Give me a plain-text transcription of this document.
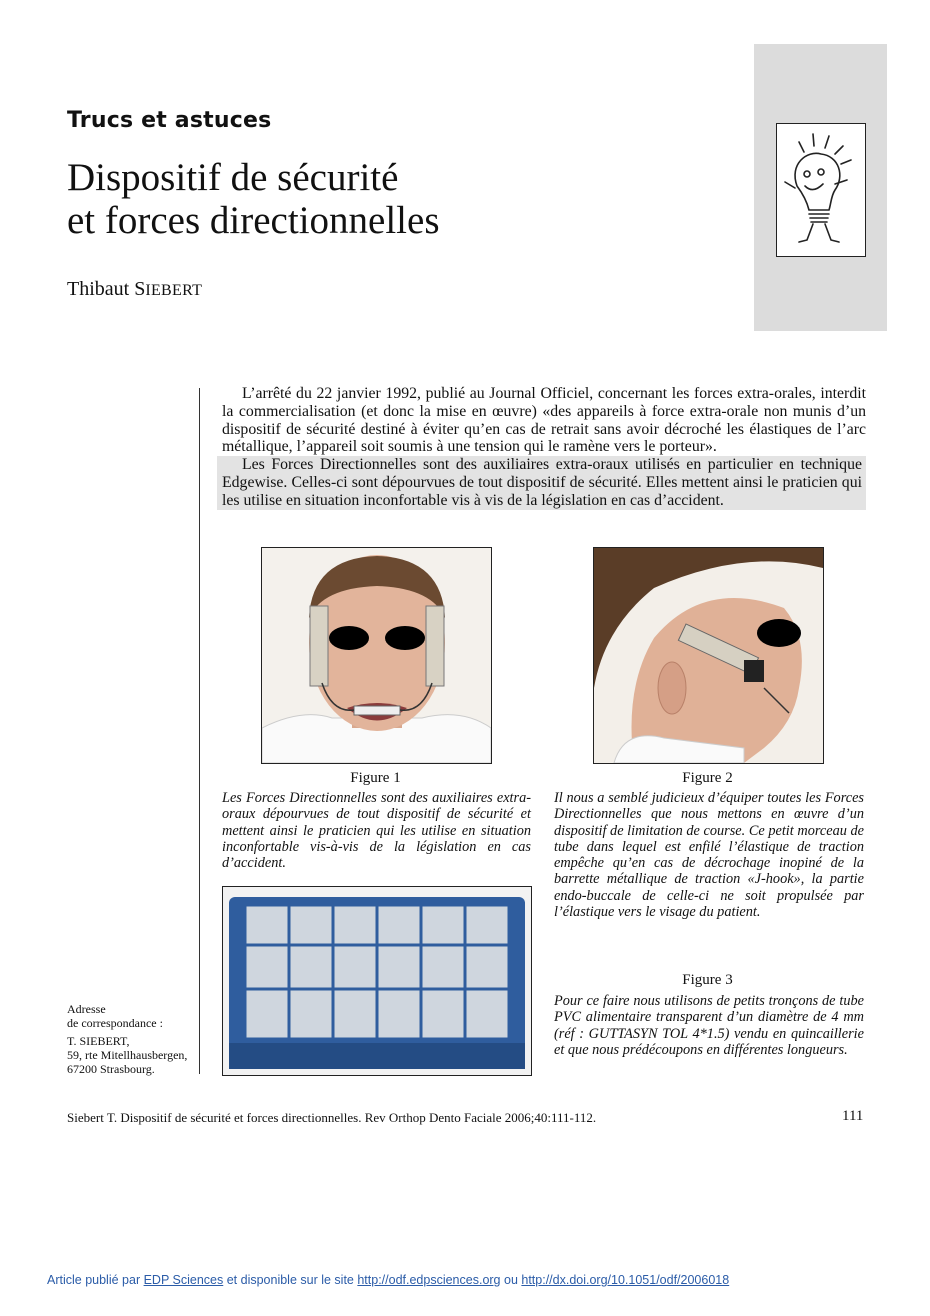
Trucs et astuces
Dispositif de sécurité
et forces directionnelles
Thibaut SIEBERT

L’arrêté du 22 janvier 1992, publié au Journal Officiel, concernant les forces extra-orales, interdit la commercialisation (et donc la mise en œuvre) «des appareils à force extra-orale non munis d’un dispositif de sécurité destiné à éviter qu’en cas de retrait sans avoir décroché les élastiques de l’arc métallique, l’appareil soit soumis à une tension qui le ramène vers le porteur».

Les Forces Directionnelles sont des auxiliaires extra-oraux utilisés en particulier en technique Edgewise. Celles-ci sont dépourvues de tout dispositif de sécurité. Elles mettent ainsi le praticien qui les utilise en situation inconfortable vis à vis de la législation en cas d’accident.

Figure 1
Les Forces Directionnelles sont des auxiliaires extra-oraux dépourvues de tout dispositif de sécurité et mettent ainsi le praticien qui les utilise en situation inconfortable vis-à-vis de la législation en cas d’accident.
Figure 2
Il nous a semblé judicieux d’équiper toutes les Forces Directionnelles que nous mettons en œuvre d’un dispositif de limitation de course. Ce petit morceau de tube dans lequel est enfilé l’élastique de traction empêche qu’en cas de décrochage inopiné de la barrette métallique de traction «J-hook», la partie endo-buccale de celle-ci ne soit propulsée par l’élastique vers le visage du patient.
Figure 3
Pour ce faire nous utilisons de petits tronçons de tube PVC alimentaire transparent d’un diamètre de 4 mm (réf : GUTTASYN TOL 4*1.5) vendu en quincaillerie et que nous prédécoupons en différentes longueurs.
Adresse
de correspondance :
T. SIEBERT,
59, rte Mitellhausbergen,
67200 Strasbourg.
Siebert T. Dispositif de sécurité et forces directionnelles. Rev Orthop Dento Faciale 2006;40:111-112.	111
Article publié par EDP Sciences et disponible sur le site http://odf.edpsciences.org ou http://dx.doi.org/10.1051/odf/2006018
